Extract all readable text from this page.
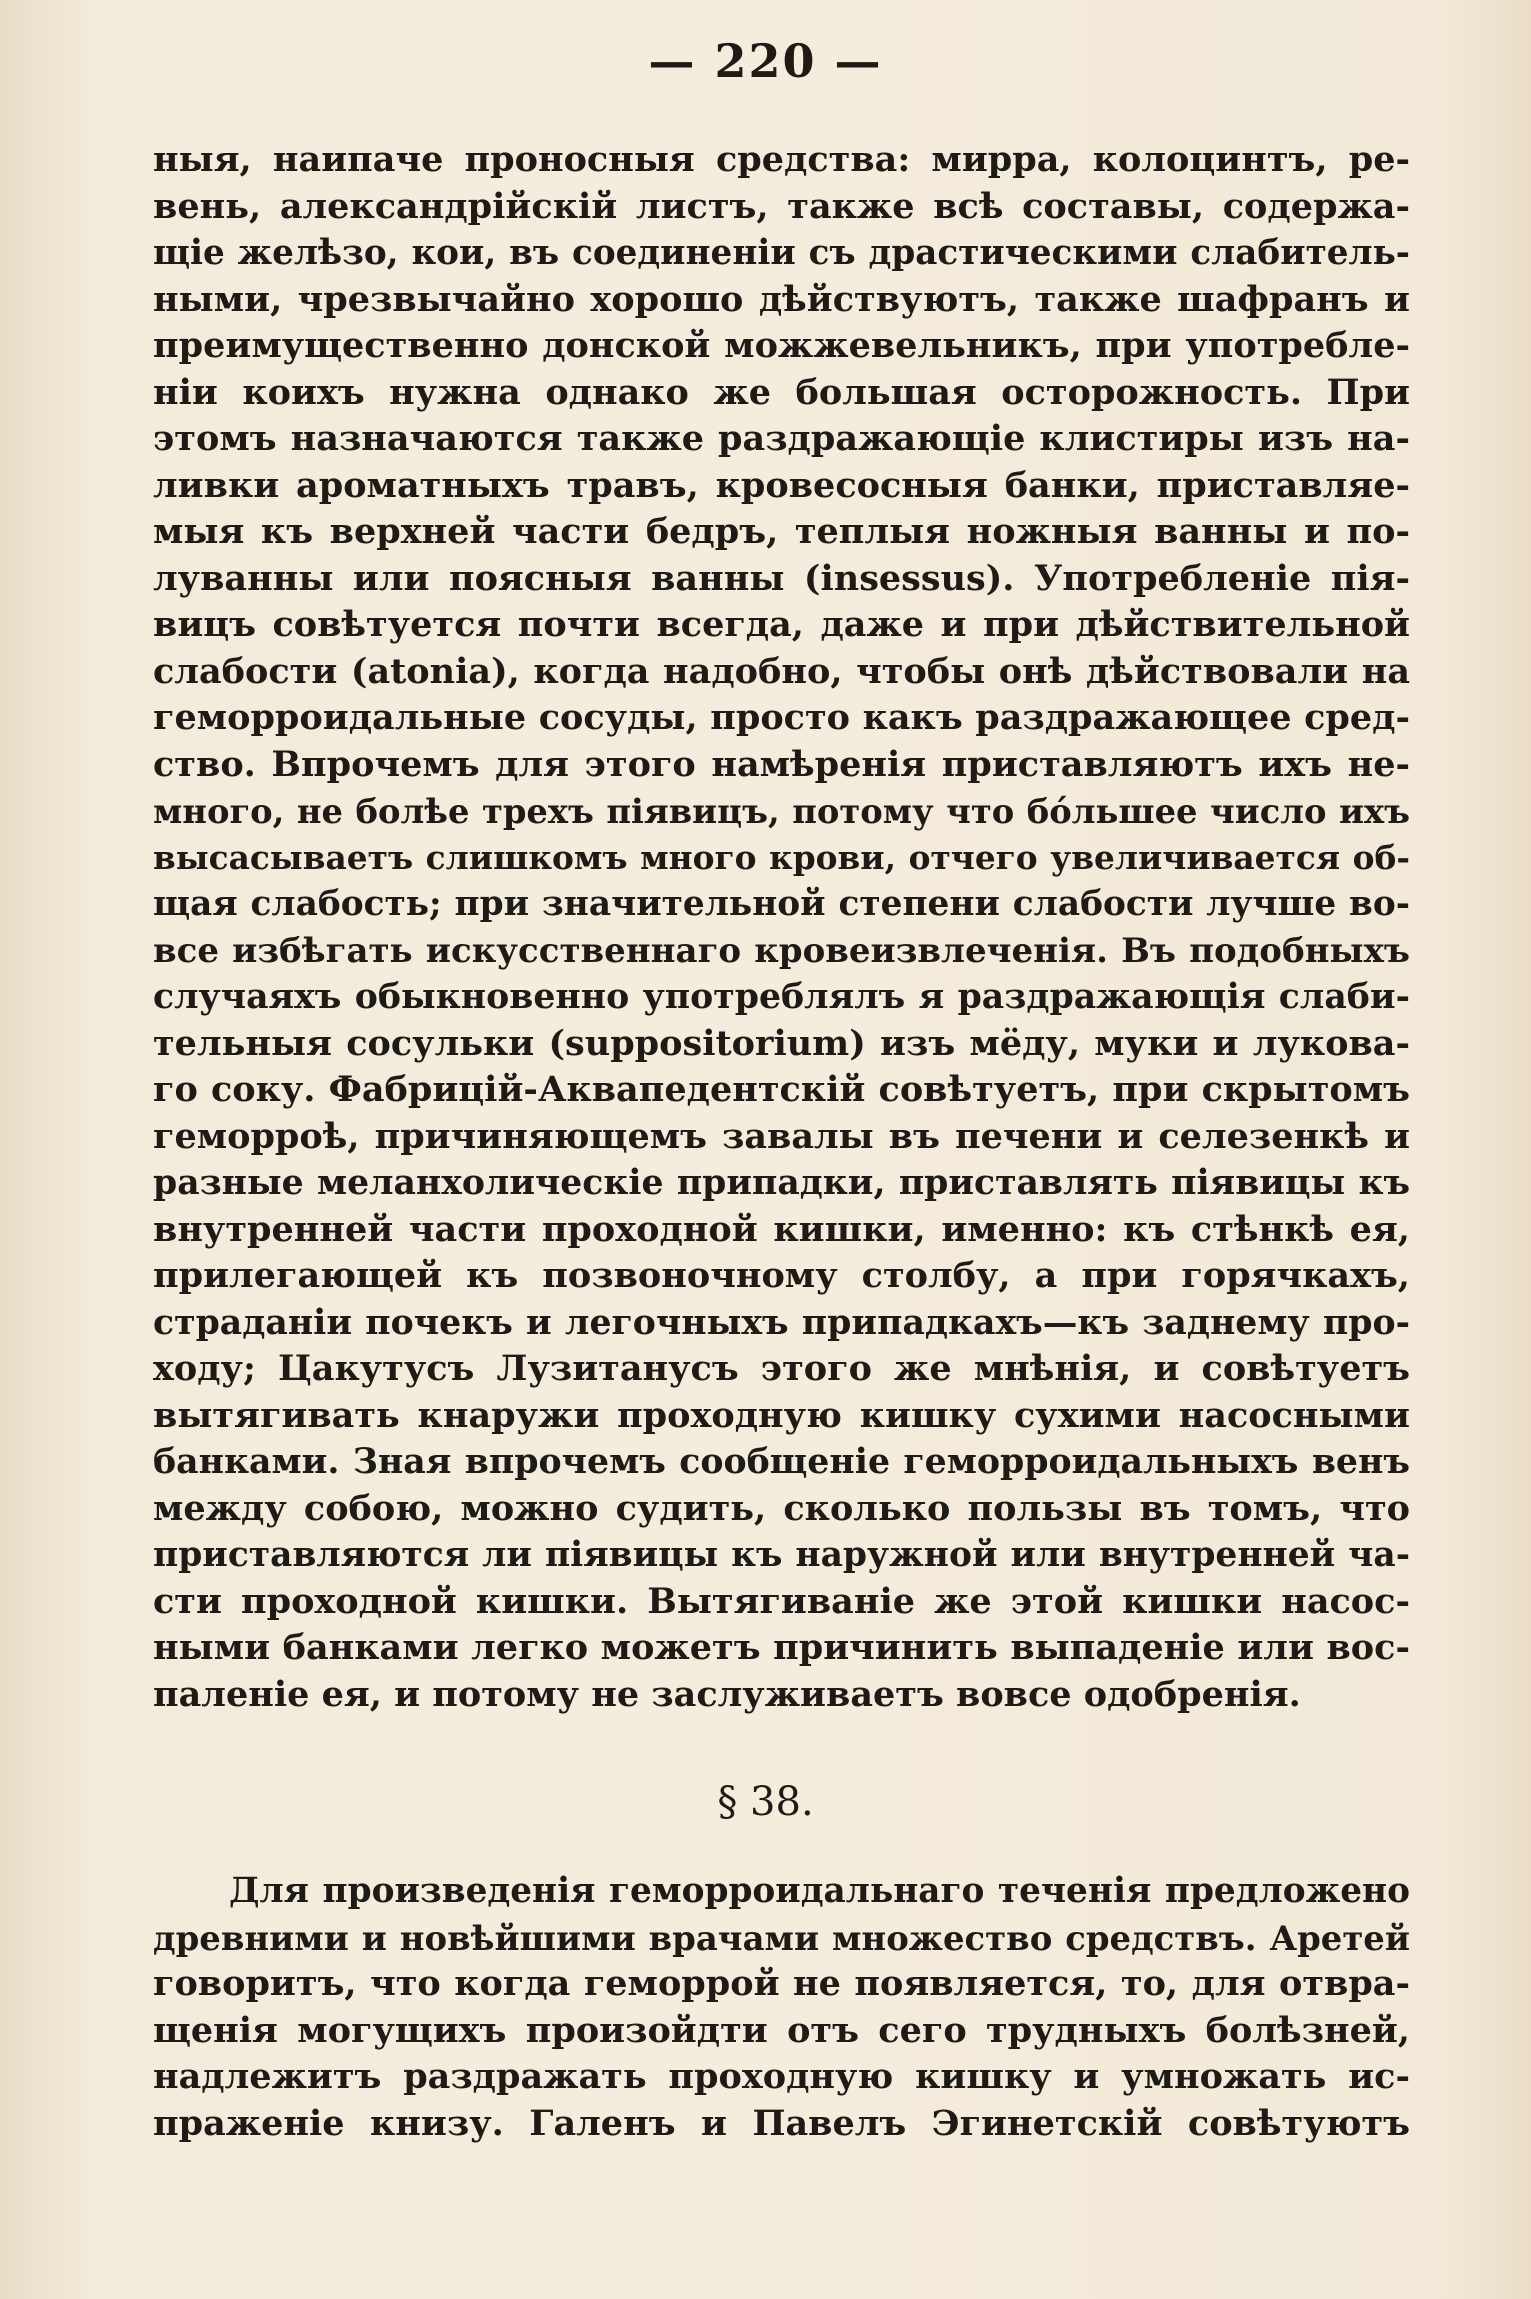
— 220 —
ныя, наипаче проносныя средства: мирра, колоцинтъ, ре-
вень, александрійскій листъ, также всѣ составы, содержа-
щіе желѣзо, кои, въ соединеніи съ драстическими слабитель-
ными, чрезвычайно хорошо дѣйствуютъ, также шафранъ и
преимущественно донской можжевельникъ, при употребле-
ніи коихъ нужна однако же большая осторожность. При
этомъ назначаются также раздражающіе клистиры изъ на-
ливки ароматныхъ травъ, кровесосныя банки, приставляе-
мыя къ верхней части бедръ, теплыя ножныя ванны и по-
луванны или поясныя ванны (insessus). Употребленіе пія-
вицъ совѣтуется почти всегда, даже и при дѣйствительной
слабости (atonia), когда надобно, чтобы онѣ дѣйствовали на
геморроидальные сосуды, просто какъ раздражающее сред-
ство. Впрочемъ для этого намѣренія приставляютъ ихъ не-
много, не болѣе трехъ піявицъ, потому что бо́льшее число ихъ
высасываетъ слишкомъ много крови, отчего увеличивается об-
щая слабость; при значительной степени слабости лучше во-
все избѣгать искусственнаго кровеизвлеченія. Въ подобныхъ
случаяхъ обыкновенно употреблялъ я раздражающія слаби-
тельныя сосульки (suppositorium) изъ мёду, муки и лукова-
го соку. Фабрицій-Аквапедентскій совѣтуетъ, при скрытомъ
геморроѣ, причиняющемъ завалы въ печени и селезенкѣ и
разные меланхолическіе припадки, приставлять піявицы къ
внутренней части проходной кишки, именно: къ стѣнкѣ ея,
прилегающей къ позвоночному столбу, а при горячкахъ,
страданіи почекъ и легочныхъ припадкахъ—къ заднему про-
ходу; Цакутусъ Лузитанусъ этого же мнѣнія, и совѣтуетъ
вытягивать кнаружи проходную кишку сухими насосными
банками. Зная впрочемъ сообщеніе геморроидальныхъ венъ
между собою, можно судить, сколько пользы въ томъ, что
приставляются ли піявицы къ наружной или внутренней ча-
сти проходной кишки. Вытягиваніе же этой кишки насос-
ными банками легко можетъ причинить выпаденіе или вос-
паленіе ея, и потому не заслуживаетъ вовсе одобренія.
§ 38.
Для произведенія геморроидальнаго теченія предложено
древними и новѣйшими врачами множество средствъ. Аретей
говоритъ, что когда геморрой не появляется, то, для отвра-
щенія могущихъ произойдти отъ сего трудныхъ болѣзней,
надлежитъ раздражать проходную кишку и умножать ис-
праженіе книзу. Галенъ и Павелъ Эгинетскій совѣтуютъ
